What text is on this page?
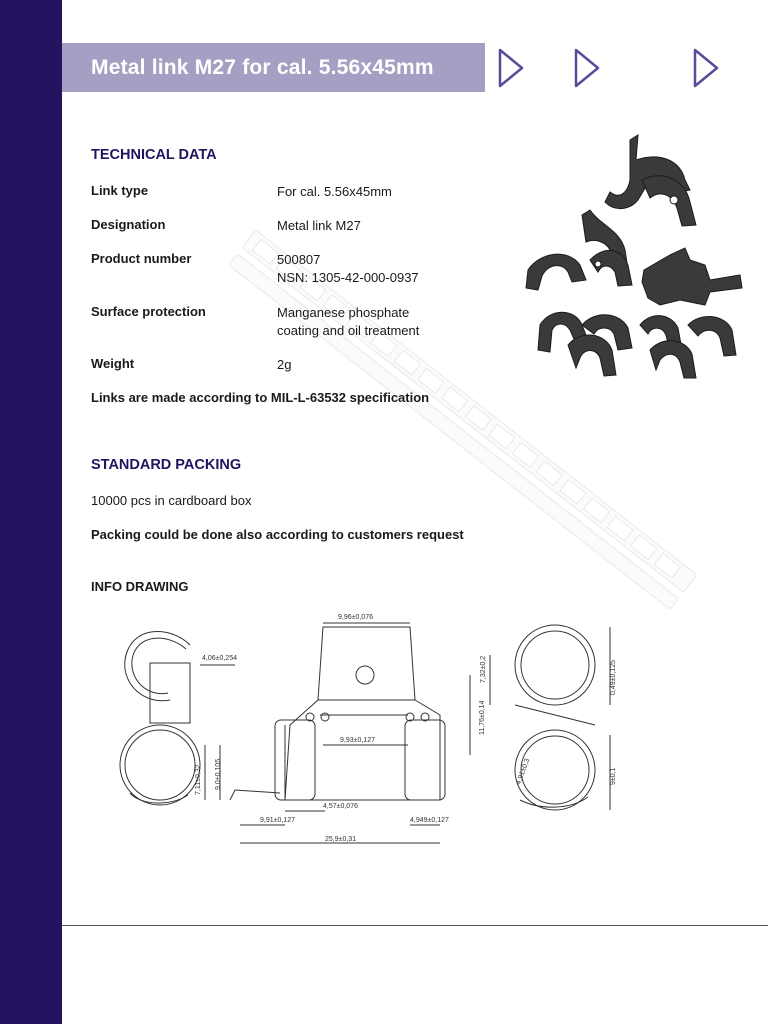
Metal link M27 for cal. 5.56x45mm
TECHNICAL DATA
Link type	For cal. 5.56x45mm
Designation	Metal link M27
Product number	500807
NSN: 1305-42-000-0937
Surface protection	Manganese phosphate
coating and oil treatment
Weight	2g
Links are made according to MIL-L-63532 specification
STANDARD PACKING
10000 pcs in cardboard box
Packing could be done also according to customers request
INFO DRAWING
4,06±0,254
9,96±0,076
7,32±0,2	0,49±0,125
11,76±0,14
9,93±0,127
9,0±0,105
7,11±0,32
4,57±0,076
9,91±0,127	4,949±0,127
25,9±0,31
4,91±0,3	9±0,1
